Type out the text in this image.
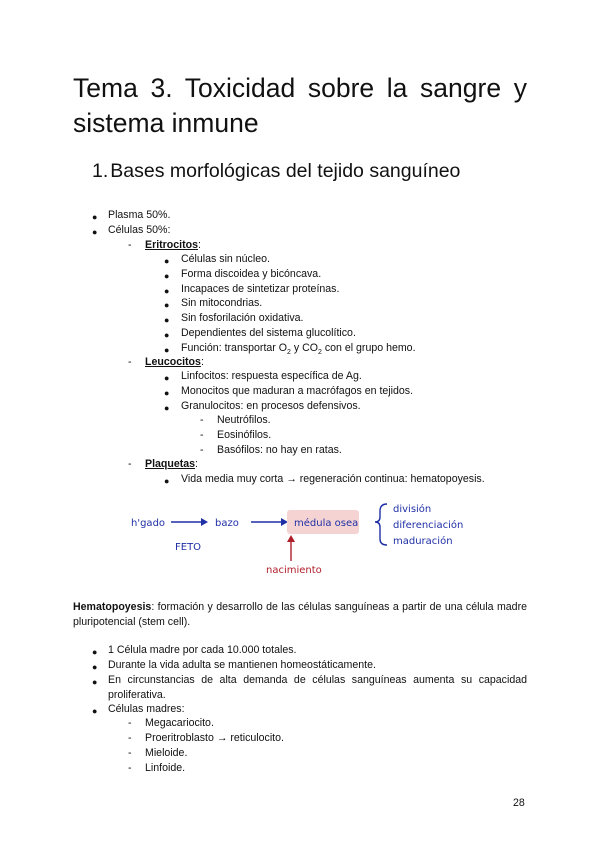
Tema 3. Toxicidad sobre la sangre y sistema inmune
1. Bases morfológicas del tejido sanguíneo
● Plasma 50%.
● Células 50%:
- Eritrocitos:
● Células sin núcleo.
● Forma discoidea y bicóncava.
● Incapaces de sintetizar proteínas.
● Sin mitocondrias.
● Sin fosforilación oxidativa.
● Dependientes del sistema glucolítico.
● Función: transportar $O_2$ y $CO_2$ con el grupo hemo.
- Leucocitos:
● Linfocitos: respuesta específica de Ag.
● Monocitos que maduran a macrófagos en tejidos.
● Granulocitos: en procesos defensivos.
- Neutrófilos.
- Eosinófilos.
- Basófilos: no hay en ratas.
- Plaquetas:
● Vida media muy corta → regeneración continua: hematopoyesis.
h'gado	bazo	médula osea
FETO
nacimiento
división
diferenciación
maduración

Hematopoyesis: formación y desarrollo de las células sanguíneas a partir de una célula madre pluripotencial (stem cell).

● 1 Célula madre por cada 10.000 totales.
● Durante la vida adulta se mantienen homeostáticamente.
● En circunstancias de alta demanda de células sanguíneas aumenta su capacidad proliferativa.
● Células madres:
- Megacariocito.
- Proeritroblasto → reticulocito.
- Mieloide.
- Linfoide.
28
